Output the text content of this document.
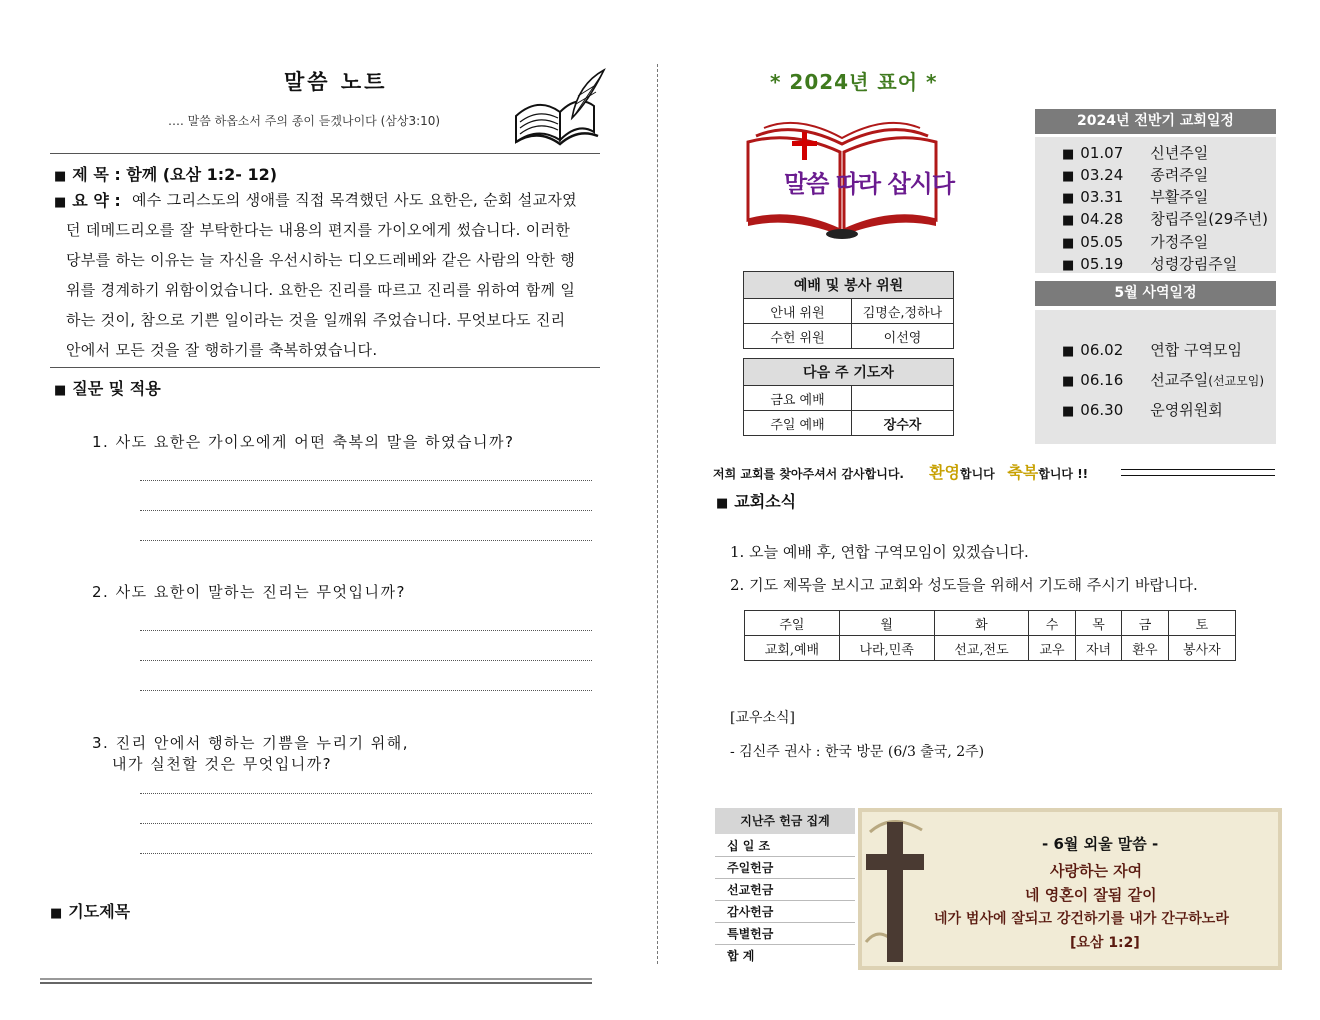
말씀 노트
…. 말씀 하옵소서 주의 종이 듣겠나이다 (삼상3:10)
■ 제 목 : 함께 (요삼 1:2- 12)
■ 요 약 : 예수 그리스도의 생애를 직접 목격했던 사도 요한은, 순회 설교자였
던 데메드리오를 잘 부탁한다는 내용의 편지를 가이오에게 썼습니다. 이러한
당부를 하는 이유는 늘 자신을 우선시하는 디오드레베와 같은 사람의 악한 행
위를 경계하기 위함이었습니다. 요한은 진리를 따르고 진리를 위하여 함께 일
하는 것이, 참으로 기쁜 일이라는 것을 일깨워 주었습니다. 무엇보다도 진리
안에서 모든 것을 잘 행하기를 축복하였습니다.
■ 질문 및 적용
1. 사도 요한은 가이오에게 어떤 축복의 말을 하였습니까?
2. 사도 요한이 말하는 진리는 무엇입니까?
3. 진리 안에서 행하는 기쁨을 누리기 위해,
내가 실천할 것은 무엇입니까?
■ 기도제목
* 2024년 표어 *
말씀 따라 삽시다
2024년 전반기 교회일정
■ 01.07 신년주일
■ 03.24 종려주일
■ 03.31 부활주일
■ 04.28 창립주일(29주년)
■ 05.05 가정주일
■ 05.19 성령강림주일
5월 사역일정
■ 06.02 연합 구역모임
■ 06.16 선교주일(선교모임)
■ 06.30 운영위원회
예배 및 봉사 위원	
안내 위원	김명순,정하나
수헌 위원	이선영
다음 주 기도자	
금요 예배	
주일 예배	장수자
저희 교회를 찾아주셔서 감사합니다. 환영합니다 축복합니다 !!
■ 교회소식
1. 오늘 예배 후, 연합 구역모임이 있겠습니다.
2. 기도 제목을 보시고 교회와 성도들을 위해서 기도해 주시기 바랍니다.
주일	월	화	수	목	금	토
교회,예배	나라,민족	선교,전도	교우	자녀	환우	봉사자
[교우소식]
- 김신주 권사 : 한국 방문 (6/3 출국, 2주)
지난주 헌금 집계
십 일 조
주일헌금
선교헌금
감사헌금
특별헌금
합 계
- 6월 외울 말씀 -
사랑하는 자여
네 영혼이 잘됨 같이
네가 범사에 잘되고 강건하기를 내가 간구하노라
[요삼 1:2]
